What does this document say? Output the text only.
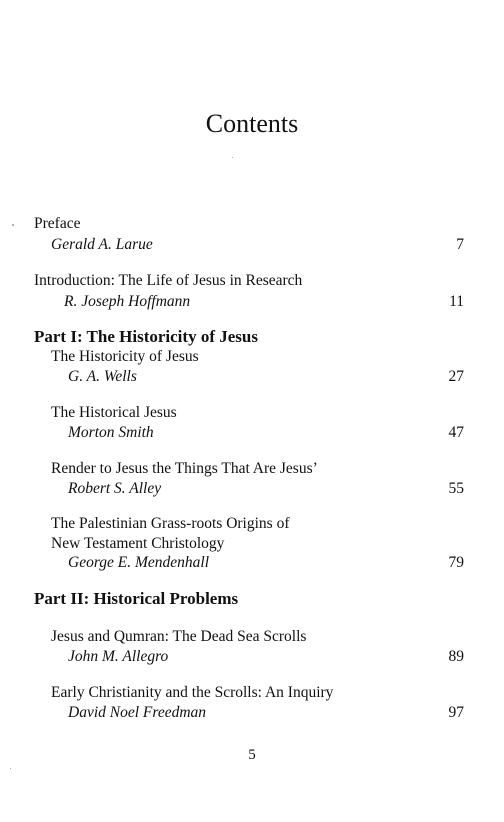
Contents
Preface
Gerald A. Larue	7
Introduction: The Life of Jesus in Research
R. Joseph Hoffmann	11
Part I: The Historicity of Jesus
The Historicity of Jesus
G. A. Wells	27
The Historical Jesus
Morton Smith	47
Render to Jesus the Things That Are Jesus’
Robert S. Alley	55
The Palestinian Grass-roots Origins of
New Testament Christology
George E. Mendenhall	79
Part II: Historical Problems
Jesus and Qumran: The Dead Sea Scrolls
John M. Allegro	89
Early Christianity and the Scrolls: An Inquiry
David Noel Freedman	97
5
